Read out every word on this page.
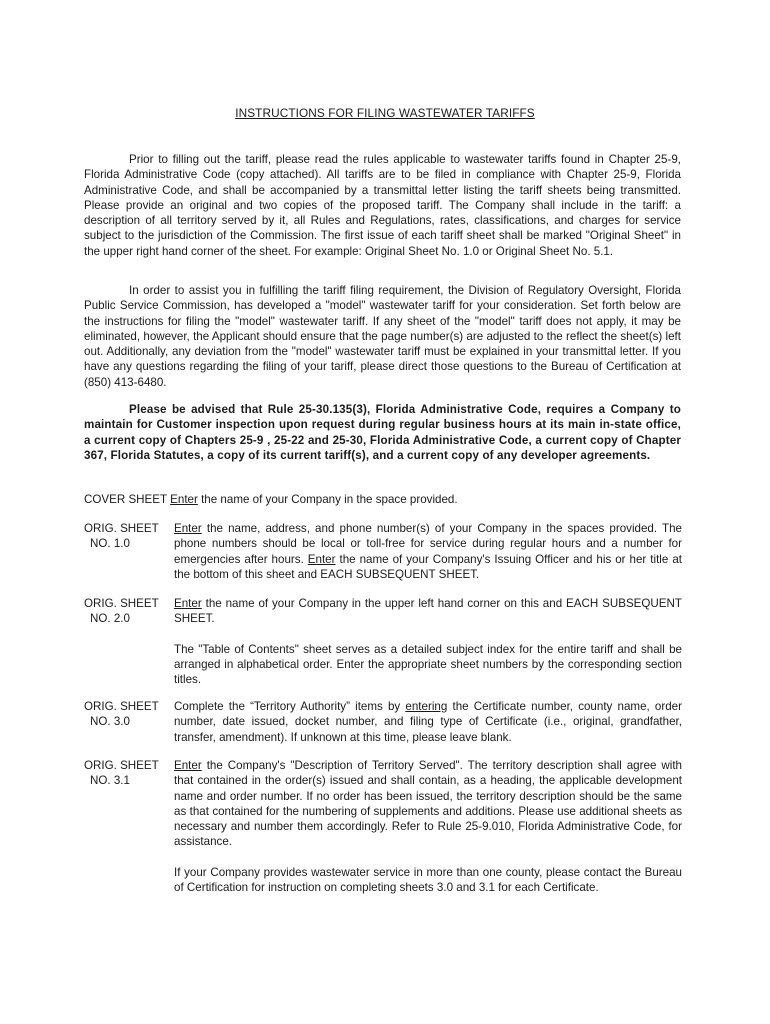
INSTRUCTIONS FOR FILING WASTEWATER TARIFFS

Prior to filling out the tariff, please read the rules applicable to wastewater tariffs found in Chapter 25-9, Florida Administrative Code (copy attached). All tariffs are to be filed in compliance with Chapter 25-9, Florida Administrative Code, and shall be accompanied by a transmittal letter listing the tariff sheets being transmitted. Please provide an original and two copies of the proposed tariff. The Company shall include in the tariff: a description of all territory served by it, all Rules and Regulations, rates, classifications, and charges for service subject to the jurisdiction of the Commission. The first issue of each tariff sheet shall be marked "Original Sheet" in the upper right hand corner of the sheet. For example: Original Sheet No. 1.0 or Original Sheet No. 5.1.

In order to assist you in fulfilling the tariff filing requirement, the Division of Regulatory Oversight, Florida Public Service Commission, has developed a "model" wastewater tariff for your consideration. Set forth below are the instructions for filing the "model" wastewater tariff. If any sheet of the "model" tariff does not apply, it may be eliminated, however, the Applicant should ensure that the page number(s) are adjusted to the reflect the sheet(s) left out. Additionally, any deviation from the "model" wastewater tariff must be explained in your transmittal letter. If you have any questions regarding the filing of your tariff, please direct those questions to the Bureau of Certification at (850) 413-6480.

Please be advised that Rule 25-30.135(3), Florida Administrative Code, requires a Company to maintain for Customer inspection upon request during regular business hours at its main in-state office, a current copy of Chapters 25-9 , 25-22 and 25-30, Florida Administrative Code, a current copy of Chapter 367, Florida Statutes, a copy of its current tariff(s), and a current copy of any developer agreements.

COVER SHEET Enter the name of your Company in the space provided.
ORIG. SHEET
NO. 1.0

Enter the name, address, and phone number(s) of your Company in the spaces provided. The phone numbers should be local or toll-free for service during regular hours and a number for emergencies after hours. Enter the name of your Company's Issuing Officer and his or her title at the bottom of this sheet and EACH SUBSEQUENT SHEET.

ORIG. SHEET
NO. 2.0

Enter the name of your Company in the upper left hand corner on this and EACH SUBSEQUENT SHEET.

The "Table of Contents" sheet serves as a detailed subject index for the entire tariff and shall be arranged in alphabetical order. Enter the appropriate sheet numbers by the corresponding section titles.

ORIG. SHEET
NO. 3.0

Complete the “Territory Authority” items by entering the Certificate number, county name, order number, date issued, docket number, and filing type of Certificate (i.e., original, grandfather, transfer, amendment). If unknown at this time, please leave blank.

ORIG. SHEET
NO. 3.1

Enter the Company's "Description of Territory Served". The territory description shall agree with that contained in the order(s) issued and shall contain, as a heading, the applicable development name and order number. If no order has been issued, the territory description should be the same as that contained for the numbering of supplements and additions. Please use additional sheets as necessary and number them accordingly. Refer to Rule 25-9.010, Florida Administrative Code, for assistance.

If your Company provides wastewater service in more than one county, please contact the Bureau of Certification for instruction on completing sheets 3.0 and 3.1 for each Certificate.
